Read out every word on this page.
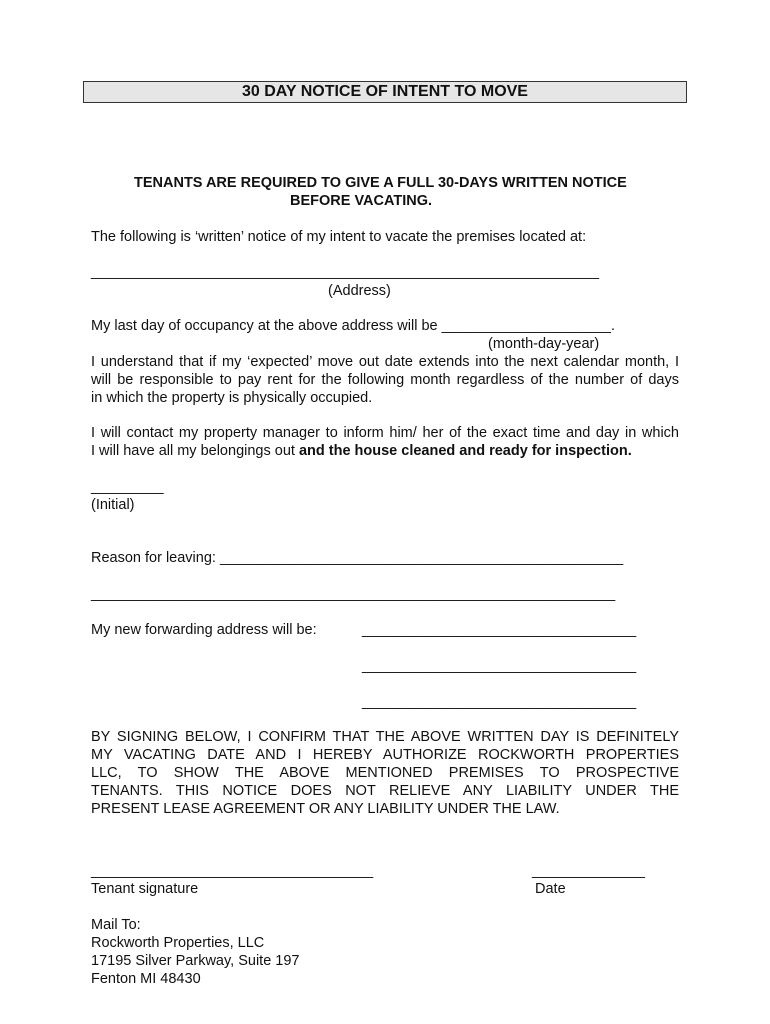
30 DAY NOTICE OF INTENT TO MOVE
TENANTS ARE REQUIRED TO GIVE A FULL 30-DAYS WRITTEN NOTICE
BEFORE VACATING.
The following is ‘written’ notice of my intent to vacate the premises located at:
_______________________________________________________________
(Address)
My last day of occupancy at the above address will be _____________________.
(month-day-year)
I understand that if my ‘expected’ move out date extends into the next calendar month, I
will be responsible to pay rent for the following month regardless of the number of days
in which the property is physically occupied.
I will contact my property manager to inform him/ her of the exact time and day in which
I will have all my belongings out and the house cleaned and ready for inspection.
_________
(Initial)
Reason for leaving: __________________________________________________
_________________________________________________________________
My new forwarding address will be:	__________________________________
__________________________________
__________________________________
BY SIGNING BELOW, I CONFIRM THAT THE ABOVE WRITTEN DAY IS DEFINITELY
MY VACATING DATE AND I HEREBY AUTHORIZE ROCKWORTH PROPERTIES
LLC, TO SHOW THE ABOVE MENTIONED PREMISES TO PROSPECTIVE
TENANTS. THIS NOTICE DOES NOT RELIEVE ANY LIABILITY UNDER THE
PRESENT LEASE AGREEMENT OR ANY LIABILITY UNDER THE LAW.
___________________________________
Tenant signature
______________
Date
Mail To:
Rockworth Properties, LLC
17195 Silver Parkway, Suite 197
Fenton MI 48430
